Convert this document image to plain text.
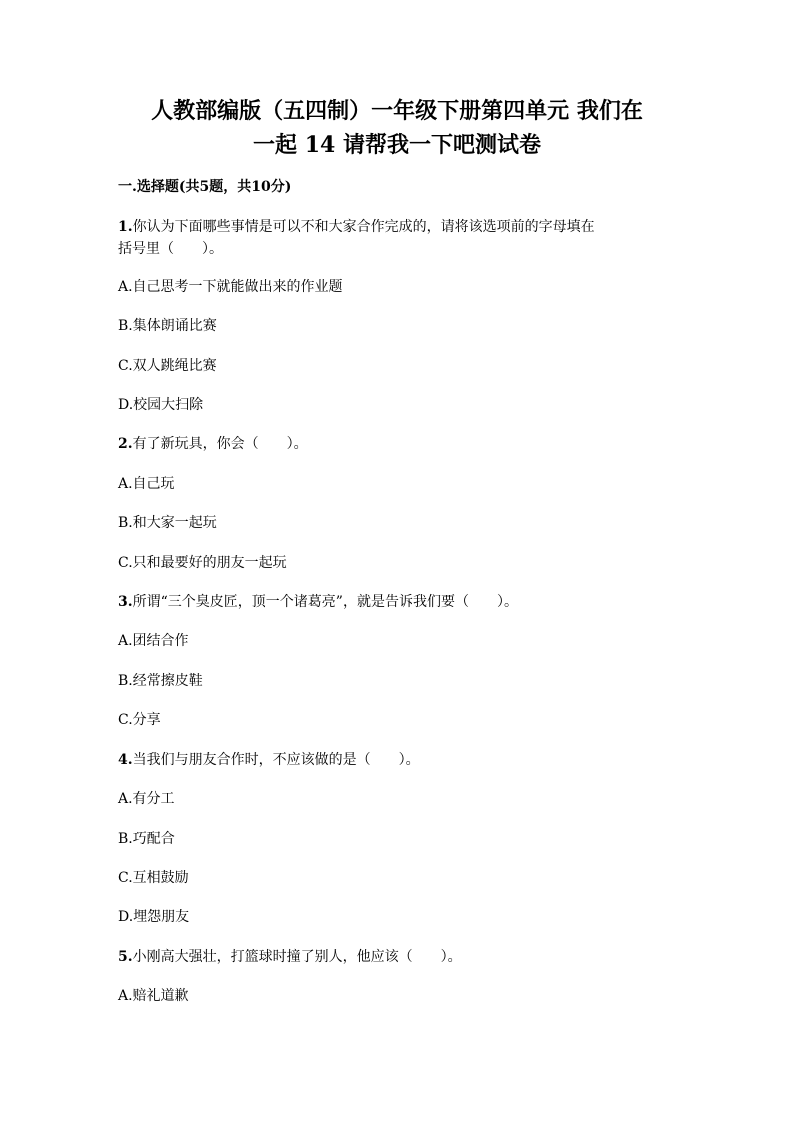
人教部编版（五四制）一年级下册第四单元 我们在
一起 14 请帮我一下吧测试卷
一.选择题(共5题，共10分)
1.你认为下面哪些事情是可以不和大家合作完成的，请将该选项前的字母填在
括号里（　　）。
A.自己思考一下就能做出来的作业题
B.集体朗诵比赛
C.双人跳绳比赛
D.校园大扫除
2.有了新玩具，你会（　　）。
A.自己玩
B.和大家一起玩
C.只和最要好的朋友一起玩
3.所谓“三个臭皮匠，顶一个诸葛亮”，就是告诉我们要（　　）。
A.团结合作
B.经常擦皮鞋
C.分享
4.当我们与朋友合作时，不应该做的是（　　）。
A.有分工
B.巧配合
C.互相鼓励
D.埋怨朋友
5.小刚高大强壮，打篮球时撞了别人，他应该（　　）。
A.赔礼道歉
